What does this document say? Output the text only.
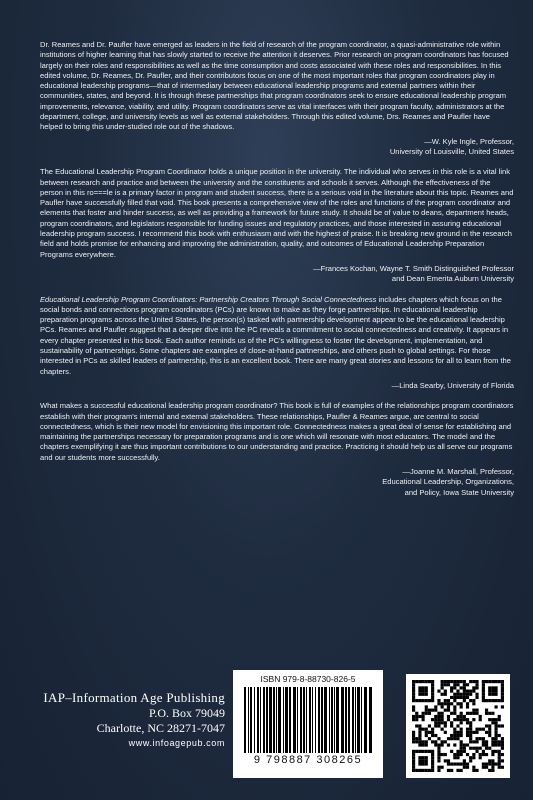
Dr. Reames and Dr. Paufler have emerged as leaders in the field of research of the program coordinator, a quasi-administrative role within institutions of higher learning that has slowly started to receive the attention it deserves. Prior research on program coordinators has focused largely on their roles and responsibilities as well as the time consumption and costs associated with these roles and responsibilities. In this edited volume, Dr. Reames, Dr. Paufler, and their contributors focus on one of the most important roles that program coordinators play in educational leadership programs—that of intermediary between educational leadership programs and external partners within their communities, states, and beyond. It is through these partnerships that program coordinators seek to ensure educational leadership program improvements, relevance, viability, and utility. Program coordinators serve as vital interfaces with their program faculty, administrators at the department, college, and university levels as well as external stakeholders. Through this edited volume, Drs. Reames and Paufler have helped to bring this under-studied role out of the shadows.

—W. Kyle Ingle, Professor,
University of Louisville, United States

The Educational Leadership Program Coordinator holds a unique position in the university. The individual who serves in this role is a vital link between research and practice and between the university and the constituents and schools it serves. Although the effectiveness of the person in this ro===le is a primary factor in program and student success, there is a serious void in the literature about this topic. Reames and Paufler have successfully filled that void. This book presents a comprehensive view of the roles and functions of the program coordinator and elements that foster and hinder success, as well as providing a framework for future study. It should be of value to deans, department heads, program coordinators, and legislators responsible for funding issues and regulatory practices, and those interested in assuring educational leadership program success. I recommend this book with enthusiasm and with the highest of praise. It is breaking new ground in the research field and holds promise for enhancing and improving the administration, quality, and outcomes of Educational Leadership Preparation Programs everywhere.

—Frances Kochan, Wayne T. Smith Distinguished Professor
and Dean Emerita Auburn University

Educational Leadership Program Coordinators: Partnership Creators Through Social Connectedness includes chapters which focus on the social bonds and connections program coordinators (PCs) are known to make as they forge partnerships. In educational leadership preparation programs across the United States, the person(s) tasked with partnership development appear to be the educational leadership PCs. Reames and Paufler suggest that a deeper dive into the PC reveals a commitment to social connectedness and creativity. It appears in every chapter presented in this book. Each author reminds us of the PC's willingness to foster the development, implementation, and sustainability of partnerships. Some chapters are examples of close-at-hand partnerships, and others push to global settings. For those interested in PCs as skilled leaders of partnership, this is an excellent book. There are many great stories and lessons for all to learn from the chapters.

—Linda Searby, University of Florida

What makes a successful educational leadership program coordinator? This book is full of examples of the relationships program coordinators establish with their program's internal and external stakeholders. These relationships, Paufler & Reames argue, are central to social connectedness, which is their new model for envisioning this important role. Connectedness makes a great deal of sense for establishing and maintaining the partnerships necessary for preparation programs and is one which will resonate with most educators. The model and the chapters exemplifying it are thus important contributions to our understanding and practice. Practicing it should help us all serve our programs and our students more successfully.

—Joanne M. Marshall, Professor,
Educational Leadership, Organizations,
and Policy, Iowa State University
IAP–Information Age Publishing
P.O. Box 79049
Charlotte, NC 28271-7047
www.infoagepub.com
ISBN 979-8-88730-826-5
9 798887 308265
